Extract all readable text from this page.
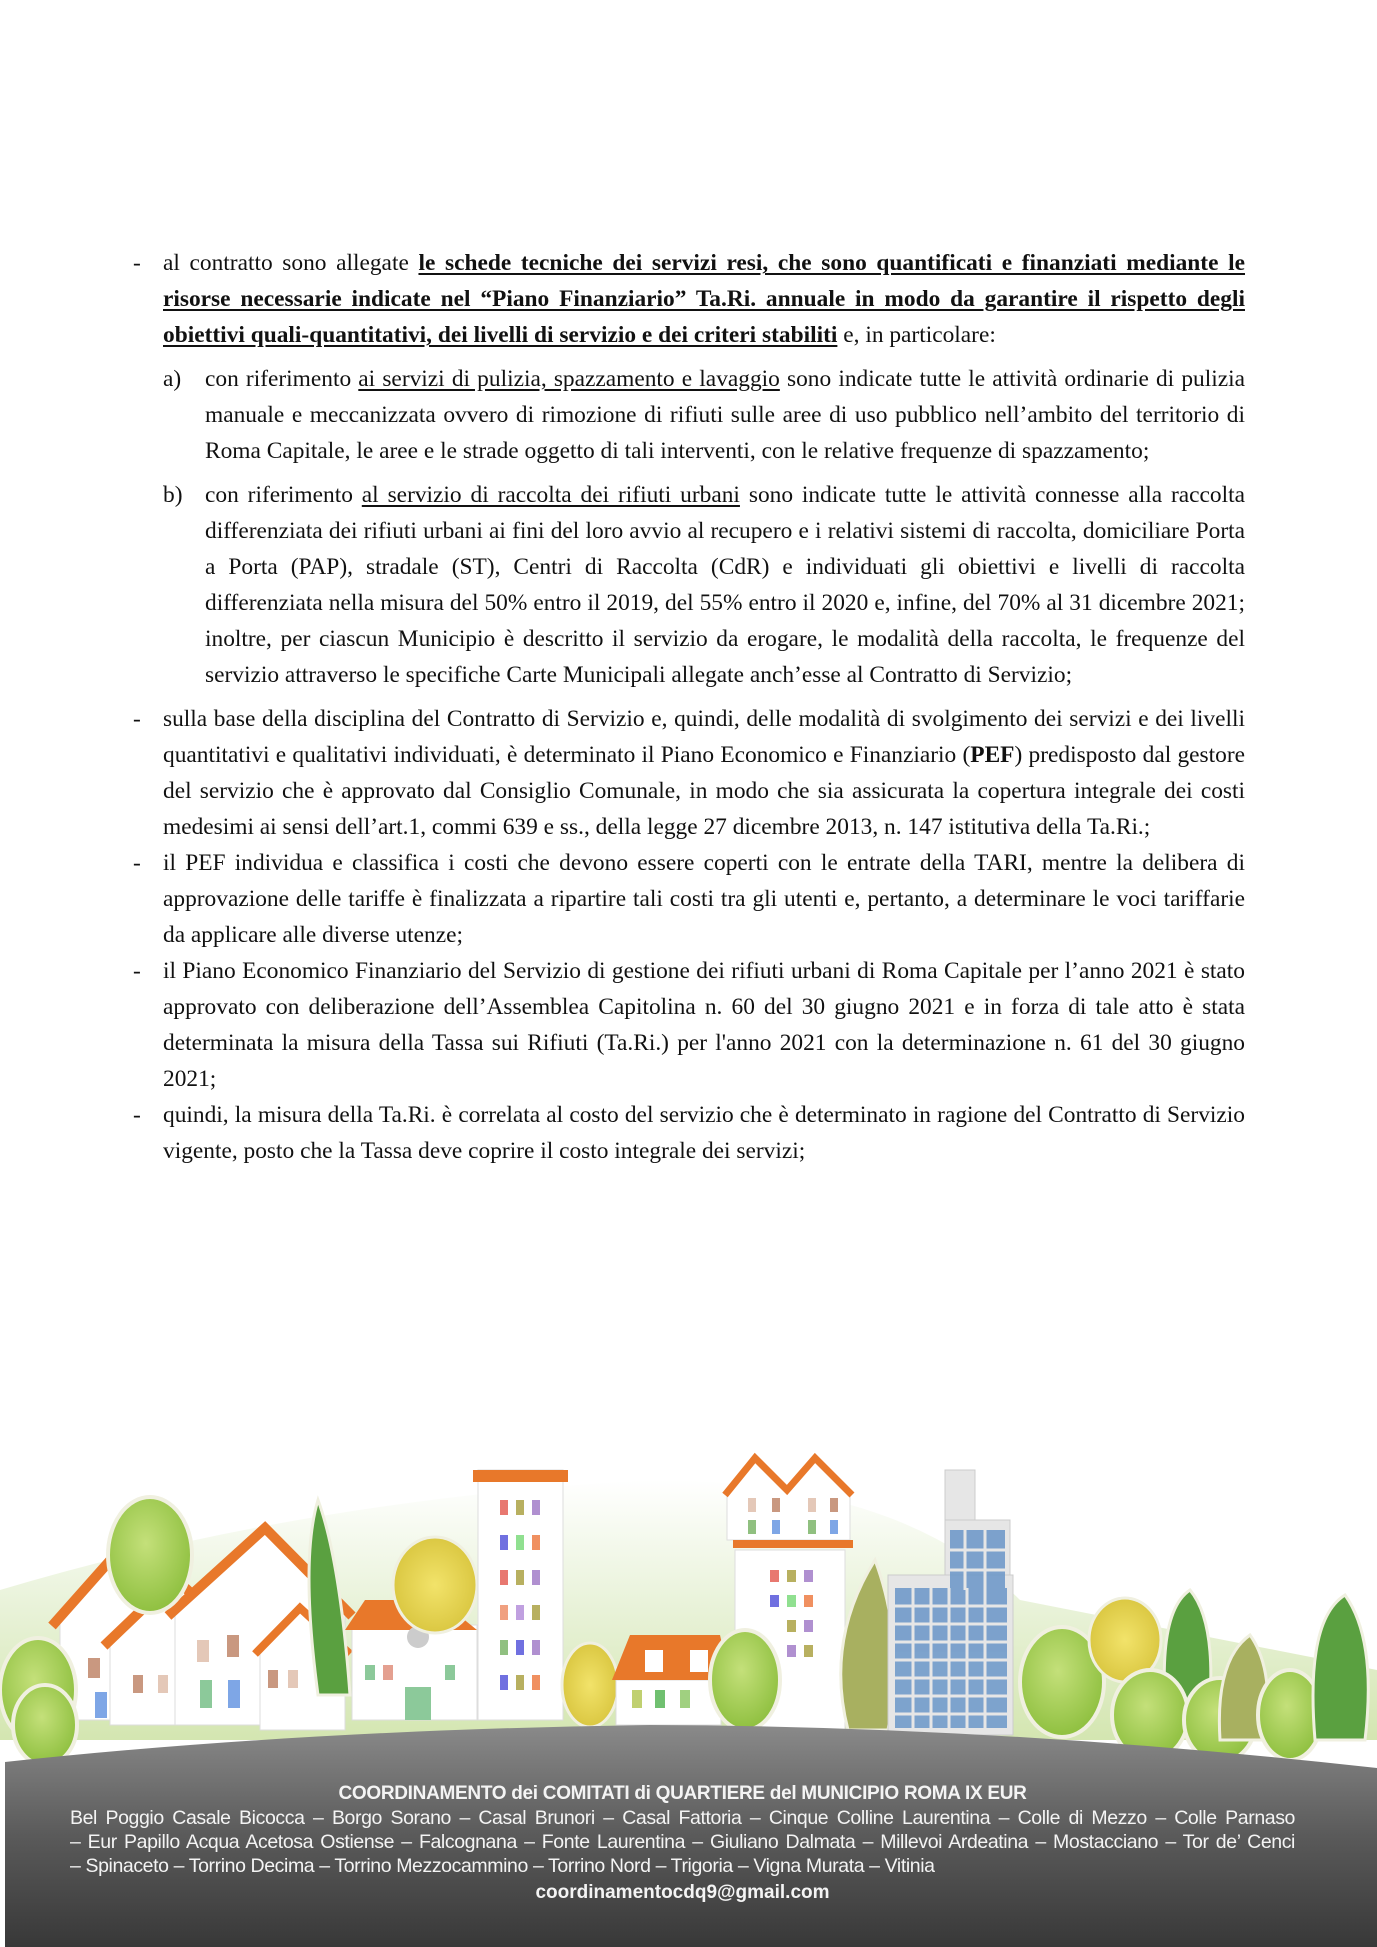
- al contratto sono allegate le schede tecniche dei servizi resi, che sono quantificati e finanziati mediante le risorse necessarie indicate nel “Piano Finanziario” Ta.Ri. annuale in modo da garantire il rispetto degli obiettivi quali-quantitativi, dei livelli di servizio e dei criteri stabiliti e, in particolare:
a) con riferimento ai servizi di pulizia, spazzamento e lavaggio sono indicate tutte le attività ordinarie di pulizia manuale e meccanizzata ovvero di rimozione di rifiuti sulle aree di uso pubblico nell’ambito del territorio di Roma Capitale, le aree e le strade oggetto di tali interventi, con le relative frequenze di spazzamento;
b) con riferimento al servizio di raccolta dei rifiuti urbani sono indicate tutte le attività connesse alla raccolta differenziata dei rifiuti urbani ai fini del loro avvio al recupero e i relativi sistemi di raccolta, domiciliare Porta a Porta (PAP), stradale (ST), Centri di Raccolta (CdR) e individuati gli obiettivi e livelli di raccolta differenziata nella misura del 50% entro il 2019, del 55% entro il 2020 e, infine, del 70% al 31 dicembre 2021; inoltre, per ciascun Municipio è descritto il servizio da erogare, le modalità della raccolta, le frequenze del servizio attraverso le specifiche Carte Municipali allegate anch’esse al Contratto di Servizio;
- sulla base della disciplina del Contratto di Servizio e, quindi, delle modalità di svolgimento dei servizi e dei livelli quantitativi e qualitativi individuati, è determinato il Piano Economico e Finanziario (PEF) predisposto dal gestore del servizio che è approvato dal Consiglio Comunale, in modo che sia assicurata la copertura integrale dei costi medesimi ai sensi dell’art.1, commi 639 e ss., della legge 27 dicembre 2013, n. 147 istitutiva della Ta.Ri.;
- il PEF individua e classifica i costi che devono essere coperti con le entrate della TARI, mentre la delibera di approvazione delle tariffe è finalizzata a ripartire tali costi tra gli utenti e, pertanto, a determinare le voci tariffarie da applicare alle diverse utenze;
- il Piano Economico Finanziario del Servizio di gestione dei rifiuti urbani di Roma Capitale per l’anno 2021 è stato approvato con deliberazione dell’Assemblea Capitolina n. 60 del 30 giugno 2021 e in forza di tale atto è stata determinata la misura della Tassa sui Rifiuti (Ta.Ri.) per l'anno 2021 con la determinazione n. 61 del 30 giugno 2021;
- quindi, la misura della Ta.Ri. è correlata al costo del servizio che è determinato in ragione del Contratto di Servizio vigente, posto che la Tassa deve coprire il costo integrale dei servizi;
COORDINAMENTO dei COMITATI di QUARTIERE del MUNICIPIO ROMA IX EUR
Bel Poggio Casale Bicocca – Borgo Sorano – Casal Brunori – Casal Fattoria – Cinque Colline Laurentina – Colle di Mezzo – Colle Parnaso
– Eur Papillo Acqua Acetosa Ostiense – Falcognana – Fonte Laurentina – Giuliano Dalmata – Millevoi Ardeatina – Mostacciano – Tor de’ Cenci
– Spinaceto – Torrino Decima – Torrino Mezzocammino – Torrino Nord – Trigoria – Vigna Murata – Vitinia
coordinamentocdq9@gmail.com
